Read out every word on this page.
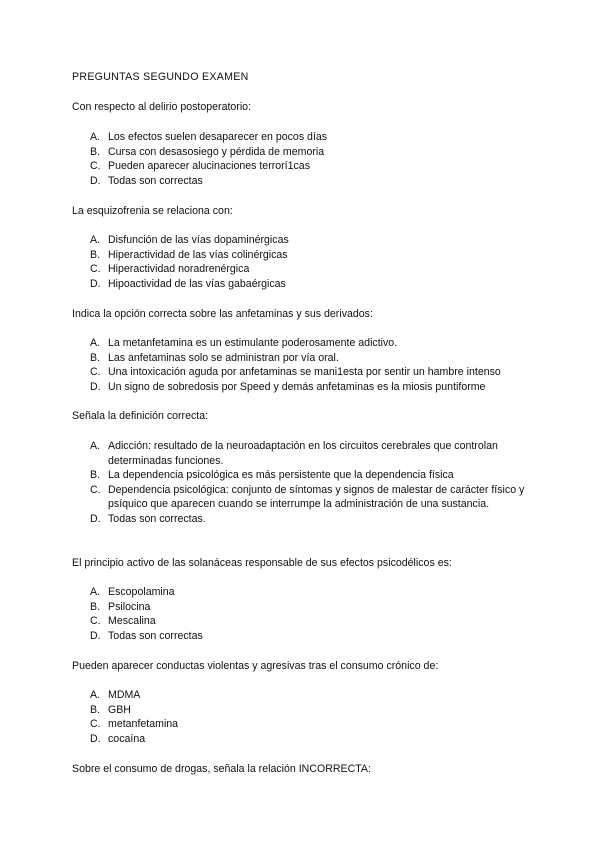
PREGUNTAS SEGUNDO EXAMEN
Con respecto al delirio postoperatorio:
A. Los efectos suelen desaparecer en pocos días
B. Cursa con desasosiego y pérdida de memoria
C. Pueden aparecer alucinaciones terrorí1cas
D. Todas son correctas
La esquizofrenia se relaciona con:
A. Disfunción de las vías dopaminérgicas
B. Hiperactividad de las vías colinérgicas
C. Hiperactividad noradrenérgica
D. Hipoactividad de las vías gabaérgicas
Indica la opción correcta sobre las anfetaminas y sus derivados:
A. La metanfetamina es un estimulante poderosamente adictivo.
B. Las anfetaminas solo se administran por vía oral.
C. Una intoxicación aguda por anfetaminas se mani1esta por sentir un hambre intenso
D. Un signo de sobredosis por Speed y demás anfetaminas es la miosis puntiforme
Señala la definición correcta:
A. Adicción: resultado de la neuroadaptación en los circuitos cerebrales que controlan determinadas funciones.
B. La dependencia psicológica es más persistente que la dependencia física
C. Dependencia psicológica: conjunto de síntomas y signos de malestar de carácter físico y psíquico que aparecen cuando se interrumpe la administración de una sustancia.
D. Todas son correctas.
El principio activo de las solanáceas responsable de sus efectos psicodélicos es:
A. Escopolamina
B. Psilocina
C. Mescalina
D. Todas son correctas
Pueden aparecer conductas violentas y agresivas tras el consumo crónico de:
A. MDMA
B. GBH
C. metanfetamina
D. cocaína
Sobre el consumo de drogas, señala la relación INCORRECTA:
